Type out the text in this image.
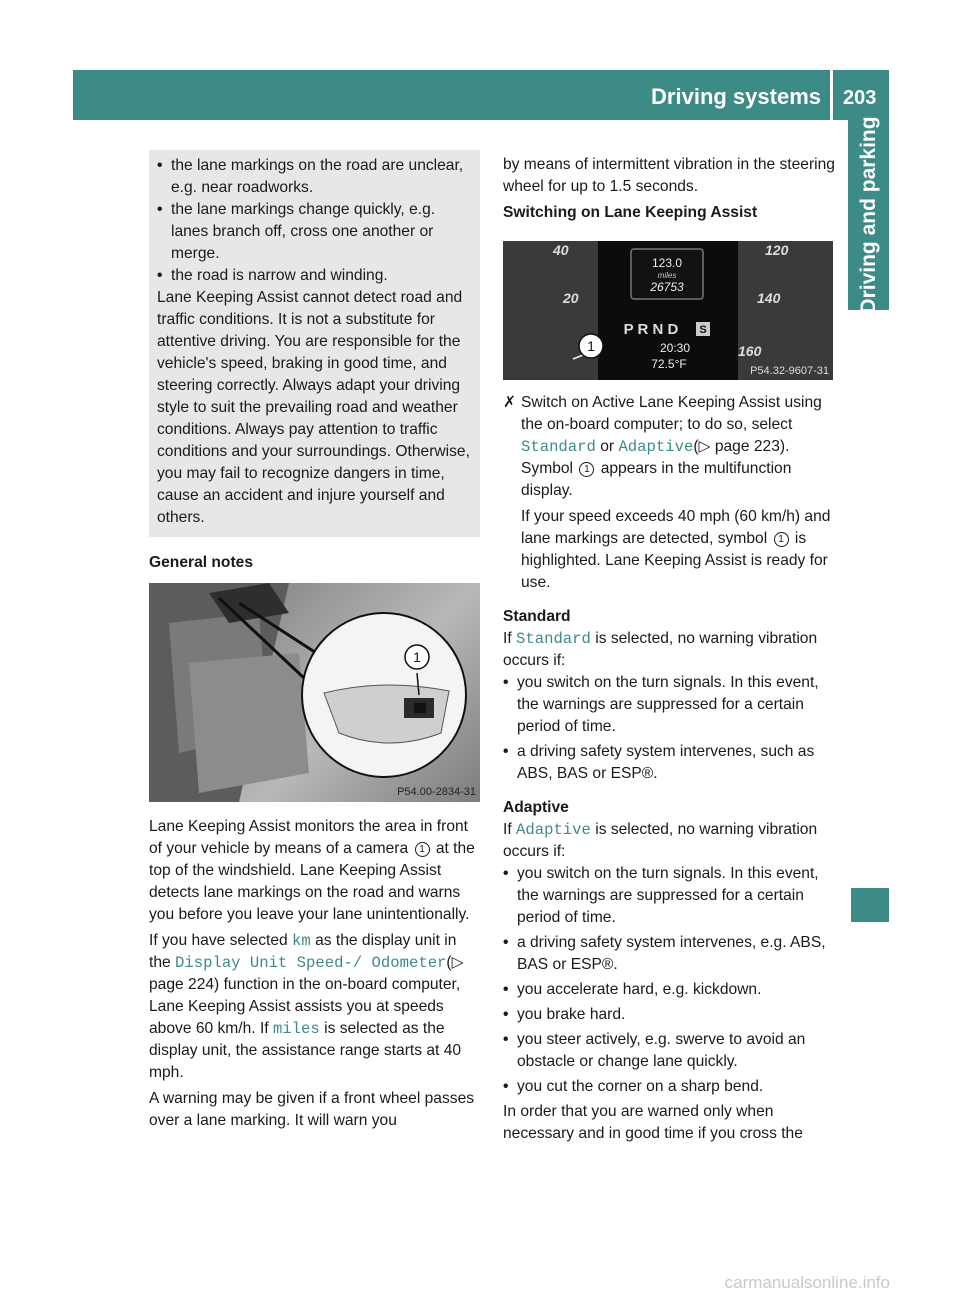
Driving systems 203
Driving and parking

• the lane markings on the road are unclear, e.g. near roadworks.

• the lane markings change quickly, e.g. lanes branch off, cross one another or merge.

• the road is narrow and winding.

Lane Keeping Assist cannot detect road and traffic conditions. It is not a substitute for attentive driving. You are responsible for the vehicle's speed, braking in good time, and steering correctly. Always adapt your driving style to suit the prevailing road and weather conditions. Always pay attention to traffic conditions and your surroundings. Otherwise, you may fail to recognize dangers in time, cause an accident and injure yourself and others.

General notes

1
P54.00-2834-31

Lane Keeping Assist monitors the area in front of your vehicle by means of a camera 1 at the top of the windshield. Lane Keeping Assist detects lane markings on the road and warns you before you leave your lane unintentionally.

If you have selected km as the display unit in the Display Unit Speed-/ Odometer(▷ page 224) function in the on-board computer, Lane Keeping Assist assists you at speeds above 60 km/h. If miles is selected as the display unit, the assistance range starts at 40 mph.

A warning may be given if a front wheel passes over a lane marking. It will warn you

by means of intermittent vibration in the steering wheel for up to 1.5 seconds.

Switching on Lane Keeping Assist

123.0
miles
26753
P R N D S
20:30
72.5°F
40
20
120
140
160
1
P54.32-9607-31
✗ Switch on Active Lane Keeping Assist using the on-board computer; to do so, select Standard or Adaptive(▷ page 223). Symbol 1 appears in the multifunction display.

If your speed exceeds 40 mph (60 km/h) and lane markings are detected, symbol 1 is highlighted. Lane Keeping Assist is ready for use.

Standard

If Standard is selected, no warning vibration occurs if:

• you switch on the turn signals. In this event, the warnings are suppressed for a certain period of time.

• a driving safety system intervenes, such as ABS, BAS or ESP®.

Adaptive

If Adaptive is selected, no warning vibration occurs if:

• you switch on the turn signals. In this event, the warnings are suppressed for a certain period of time.

• a driving safety system intervenes, e.g. ABS, BAS or ESP®.

• you accelerate hard, e.g. kickdown.

• you brake hard.

• you steer actively, e.g. swerve to avoid an obstacle or change lane quickly.

• you cut the corner on a sharp bend.

In order that you are warned only when necessary and in good time if you cross the

carmanualsonline.info
